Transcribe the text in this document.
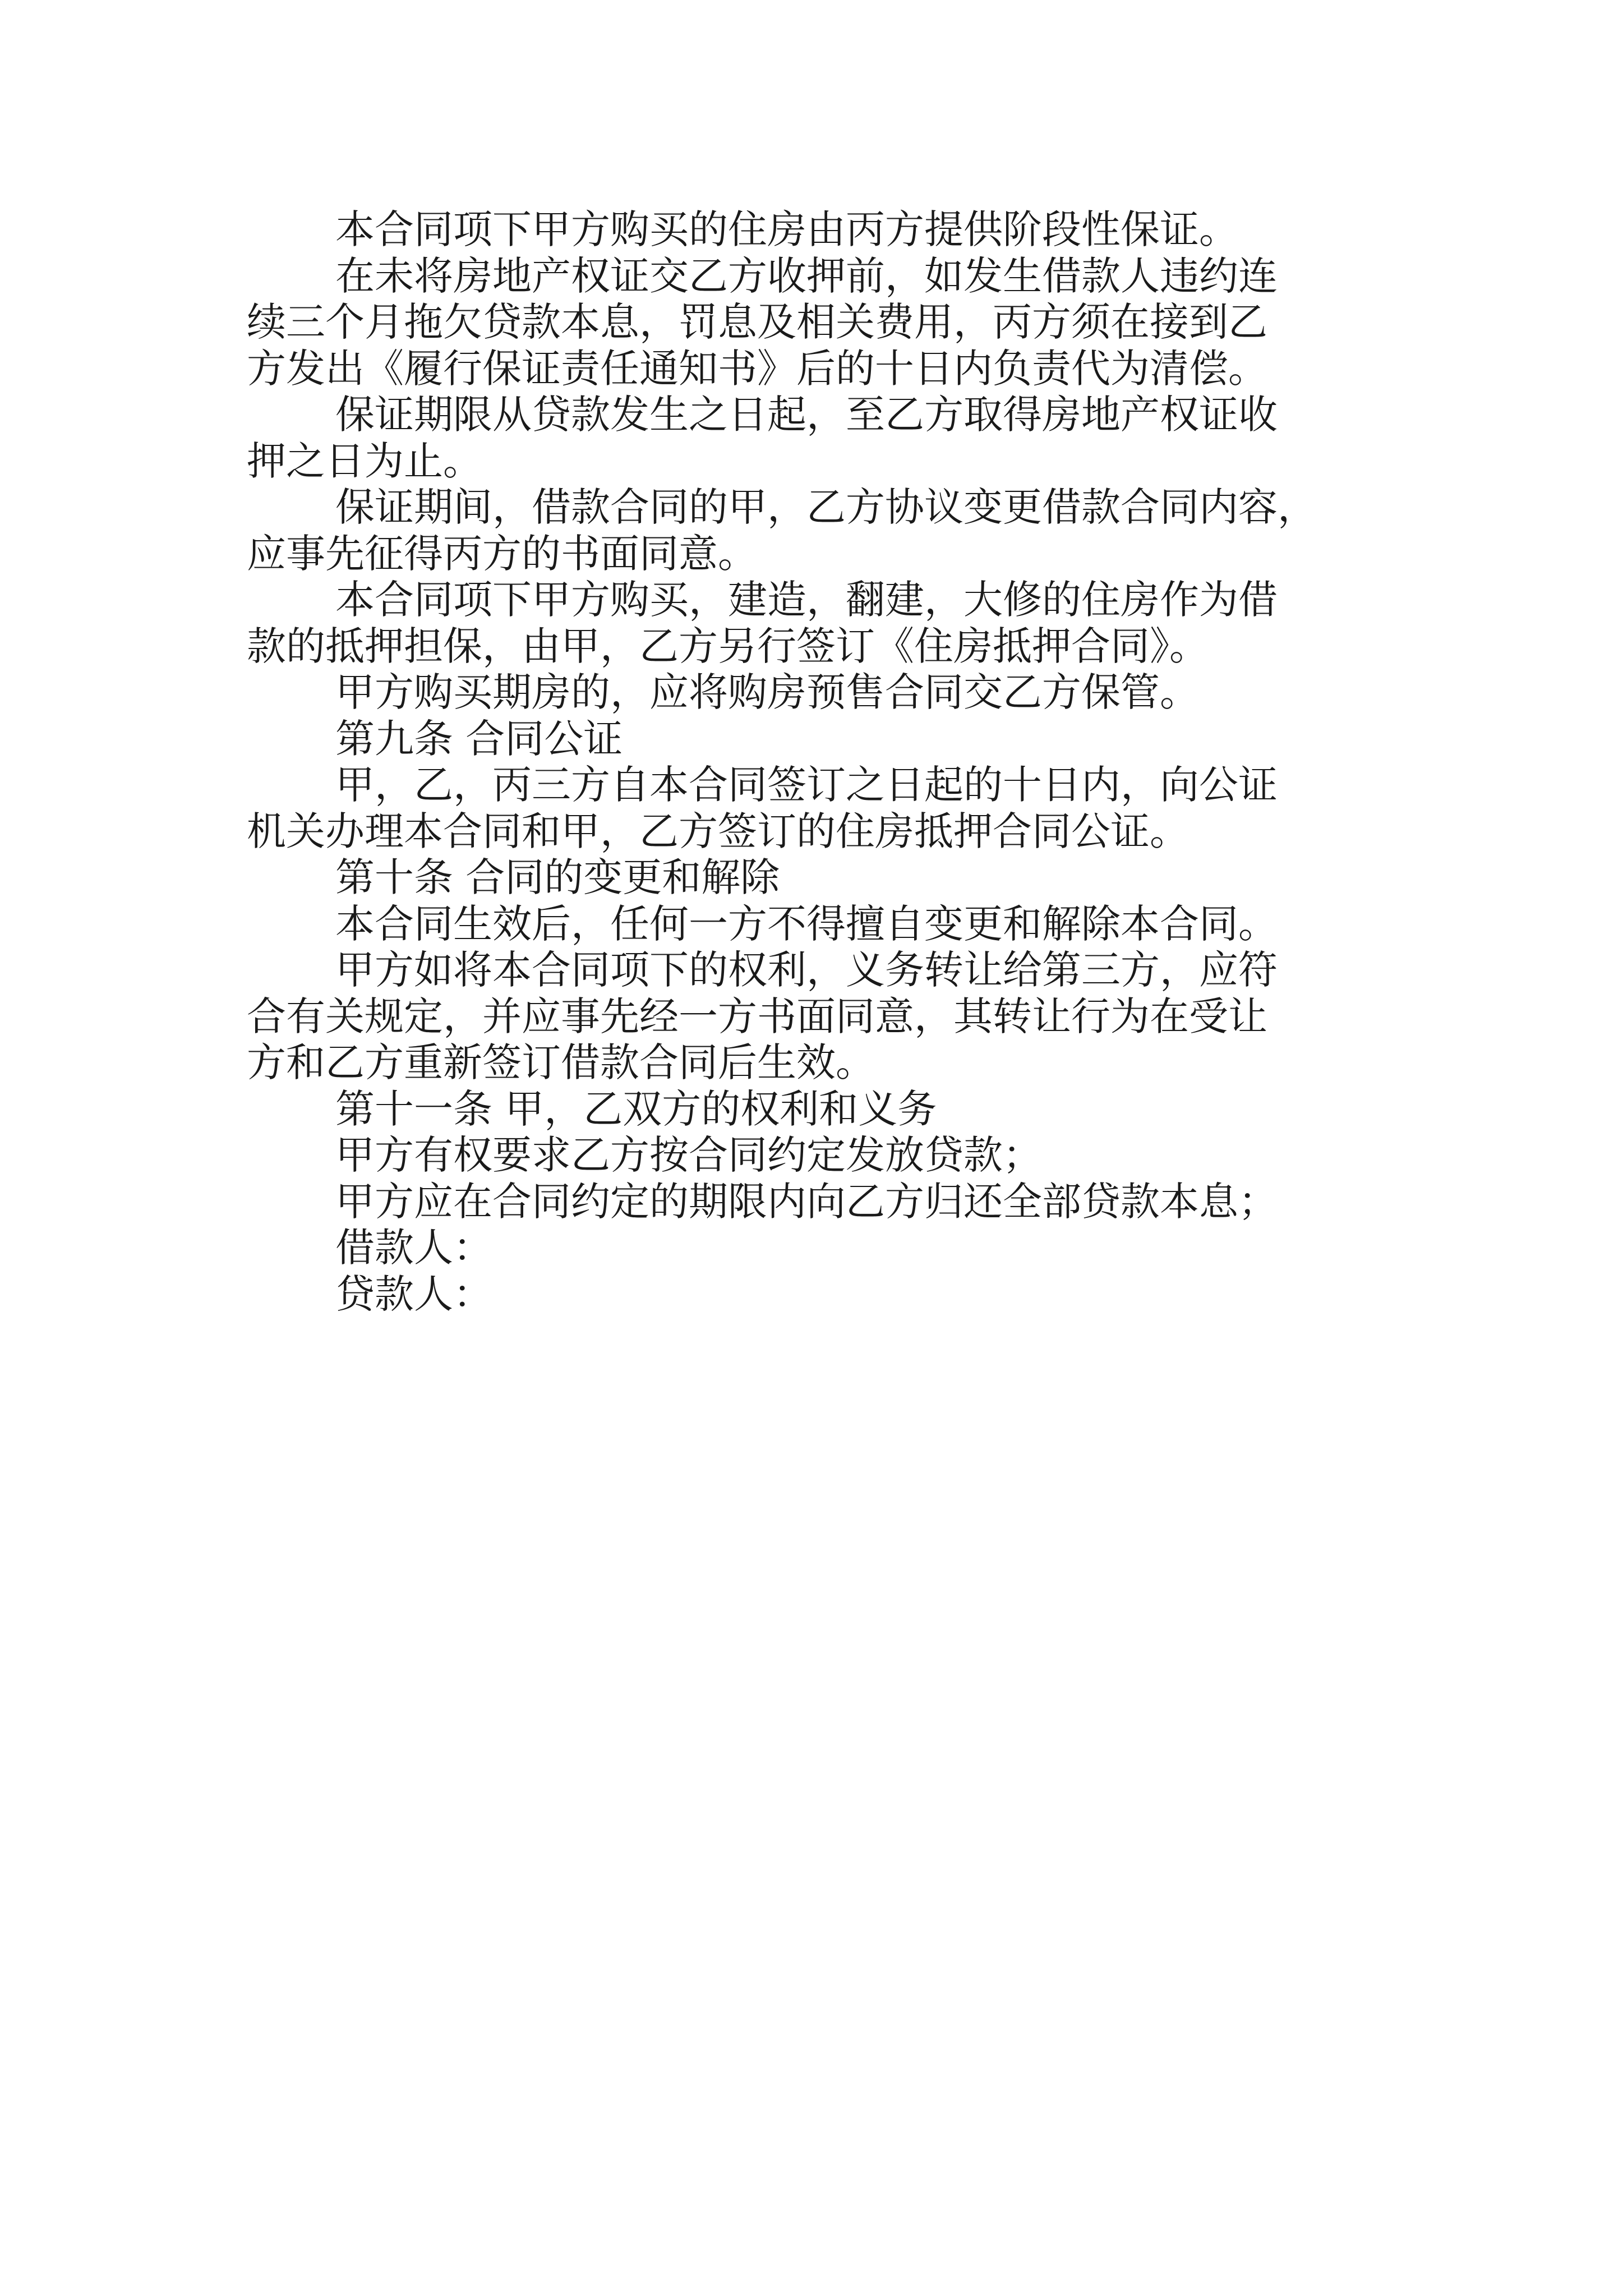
本合同项下甲方购买的住房由丙方提供阶段性保证。

在未将房地产权证交乙方收押前，如发生借款人违约连
续三个月拖欠贷款本息，罚息及相关费用，丙方须在接到乙
方发出《履行保证责任通知书》后的十日内负责代为清偿。

保证期限从贷款发生之日起，至乙方取得房地产权证收
押之日为止。

保证期间，借款合同的甲，乙方协议变更借款合同内容，
应事先征得丙方的书面同意。

本合同项下甲方购买，建造，翻建，大修的住房作为借
款的抵押担保，由甲，乙方另行签订《住房抵押合同》。

甲方购买期房的，应将购房预售合同交乙方保管。

第九条 合同公证

甲，乙，丙三方自本合同签订之日起的十日内，向公证
机关办理本合同和甲，乙方签订的住房抵押合同公证。

第十条 合同的变更和解除

本合同生效后，任何一方不得擅自变更和解除本合同。

甲方如将本合同项下的权利，义务转让给第三方，应符
合有关规定，并应事先经一方书面同意，其转让行为在受让
方和乙方重新签订借款合同后生效。

第十一条 甲，乙双方的权利和义务

甲方有权要求乙方按合同约定发放贷款；

甲方应在合同约定的期限内向乙方归还全部贷款本息；

借款人：

贷款人：
